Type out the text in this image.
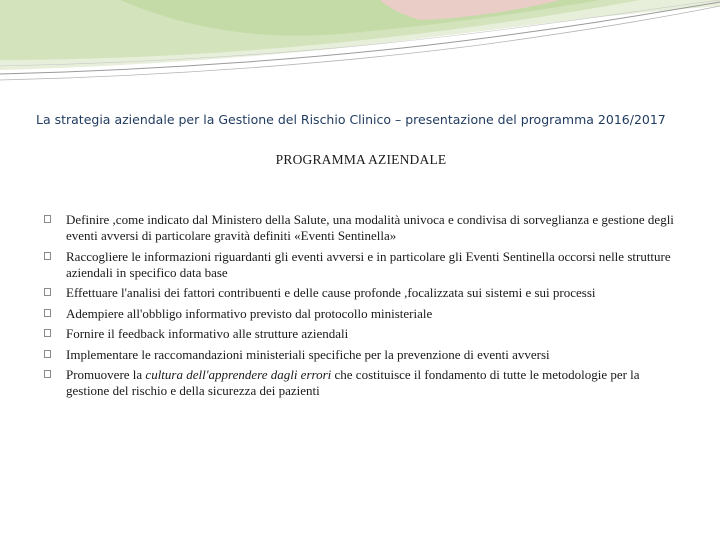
La strategia aziendale per la Gestione del Rischio Clinico – presentazione del programma 2016/2017
PROGRAMMA AZIENDALE
Definire ,come indicato dal Ministero della Salute, una modalità univoca e condivisa di sorveglianza e gestione degli eventi avversi di particolare gravità definiti «Eventi Sentinella»
Raccogliere le informazioni riguardanti gli eventi avversi e in particolare gli Eventi Sentinella occorsi nelle strutture aziendali in specifico data base
Effettuare l'analisi dei fattori contribuenti e delle cause profonde ,focalizzata sui sistemi e sui processi
Adempiere all'obbligo informativo previsto dal protocollo ministeriale
Fornire il feedback informativo alle strutture aziendali
Implementare le raccomandazioni ministeriali specifiche per la prevenzione di eventi avversi
Promuovere la cultura dell'apprendere dagli errori che costituisce il fondamento di tutte le metodologie per la gestione del rischio e della sicurezza dei pazienti
